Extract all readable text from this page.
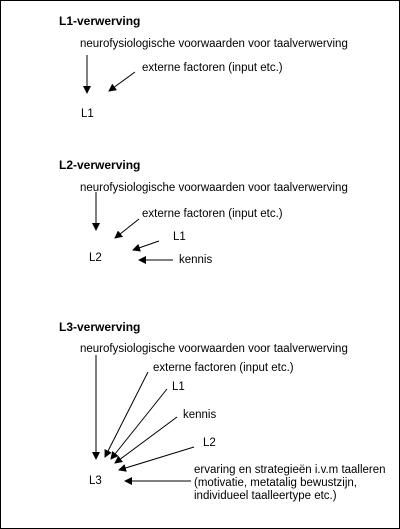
L1-verwerving
neurofysiologische voorwaarden voor taalverwerving
externe factoren (input etc.)
L1
L2-verwerving
neurofysiologische voorwaarden voor taalverwerving
externe factoren (input etc.)
L1
L2	kennis
L3-verwerving
neurofysiologische voorwaarden voor taalverwerving
externe factoren (input etc.)
L1
kennis
L2
ervaring en strategieën i.v.m taalleren (motivatie, metatalig bewustzijn, individueel taalleertype etc.)
L3
